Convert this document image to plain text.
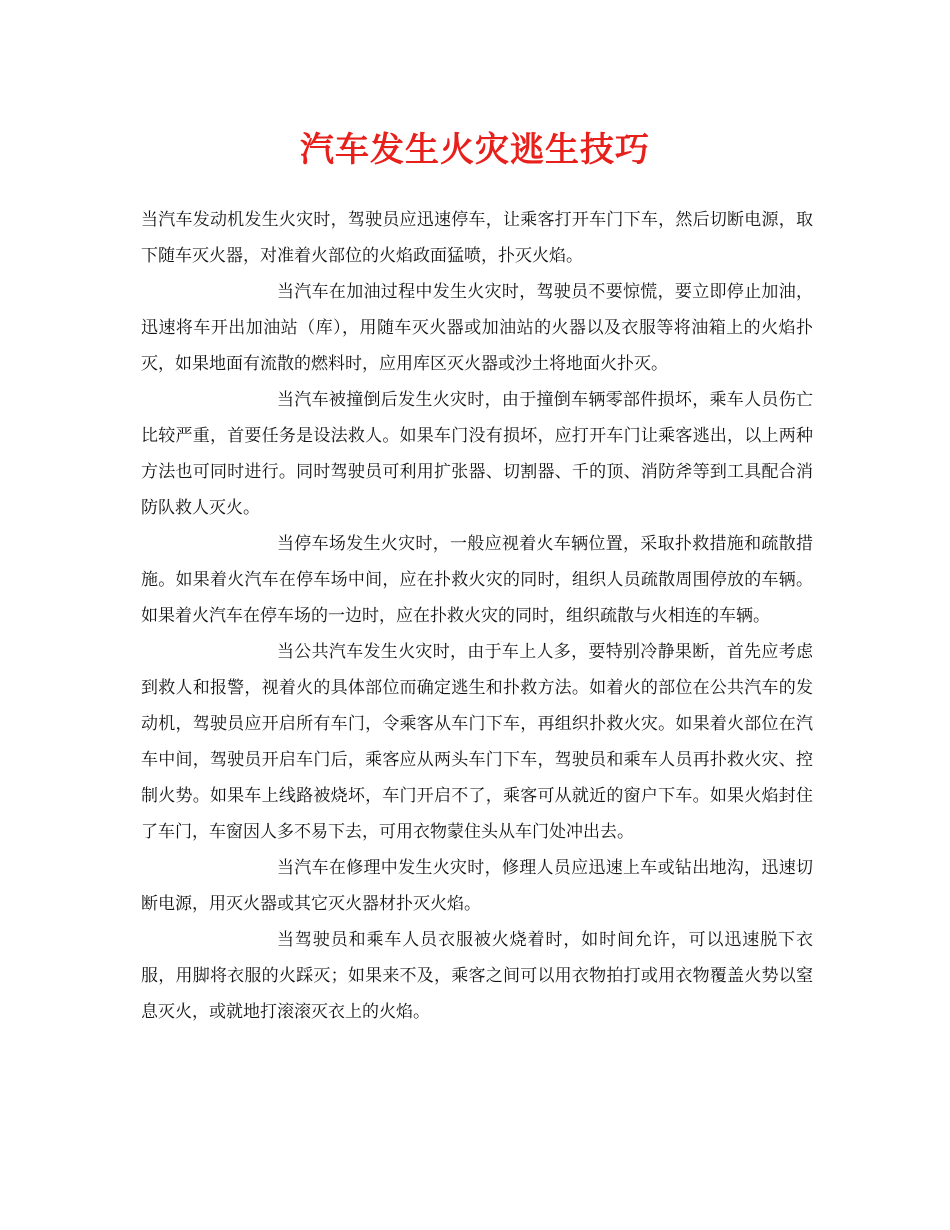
汽车发生火灾逃生技巧

当汽车发动机发生火灾时，驾驶员应迅速停车，让乘客打开车门下车，然后切断电源，取下随车灭火器，对准着火部位的火焰政面猛喷，扑灭火焰。

当汽车在加油过程中发生火灾时，驾驶员不要惊慌，要立即停止加油，迅速将车开出加油站（库），用随车灭火器或加油站的火器以及衣服等将油箱上的火焰扑灭，如果地面有流散的燃料时，应用库区灭火器或沙土将地面火扑灭。

当汽车被撞倒后发生火灾时，由于撞倒车辆零部件损坏，乘车人员伤亡比较严重，首要任务是设法救人。如果车门没有损坏，应打开车门让乘客逃出，以上两种方法也可同时进行。同时驾驶员可利用扩张器、切割器、千的顶、消防斧等到工具配合消防队救人灭火。

当停车场发生火灾时，一般应视着火车辆位置，采取扑救措施和疏散措施。如果着火汽车在停车场中间，应在扑救火灾的同时，组织人员疏散周围停放的车辆。如果着火汽车在停车场的一边时，应在扑救火灾的同时，组织疏散与火相连的车辆。

当公共汽车发生火灾时，由于车上人多，要特别冷静果断，首先应考虑到救人和报警，视着火的具体部位而确定逃生和扑救方法。如着火的部位在公共汽车的发动机，驾驶员应开启所有车门，令乘客从车门下车，再组织扑救火灾。如果着火部位在汽车中间，驾驶员开启车门后，乘客应从两头车门下车，驾驶员和乘车人员再扑救火灾、控制火势。如果车上线路被烧坏，车门开启不了，乘客可从就近的窗户下车。如果火焰封住了车门，车窗因人多不易下去，可用衣物蒙住头从车门处冲出去。

当汽车在修理中发生火灾时，修理人员应迅速上车或钻出地沟，迅速切断电源，用灭火器或其它灭火器材扑灭火焰。

当驾驶员和乘车人员衣服被火烧着时，如时间允许，可以迅速脱下衣服，用脚将衣服的火踩灭；如果来不及，乘客之间可以用衣物拍打或用衣物覆盖火势以窒息灭火，或就地打滚滚灭衣上的火焰。
